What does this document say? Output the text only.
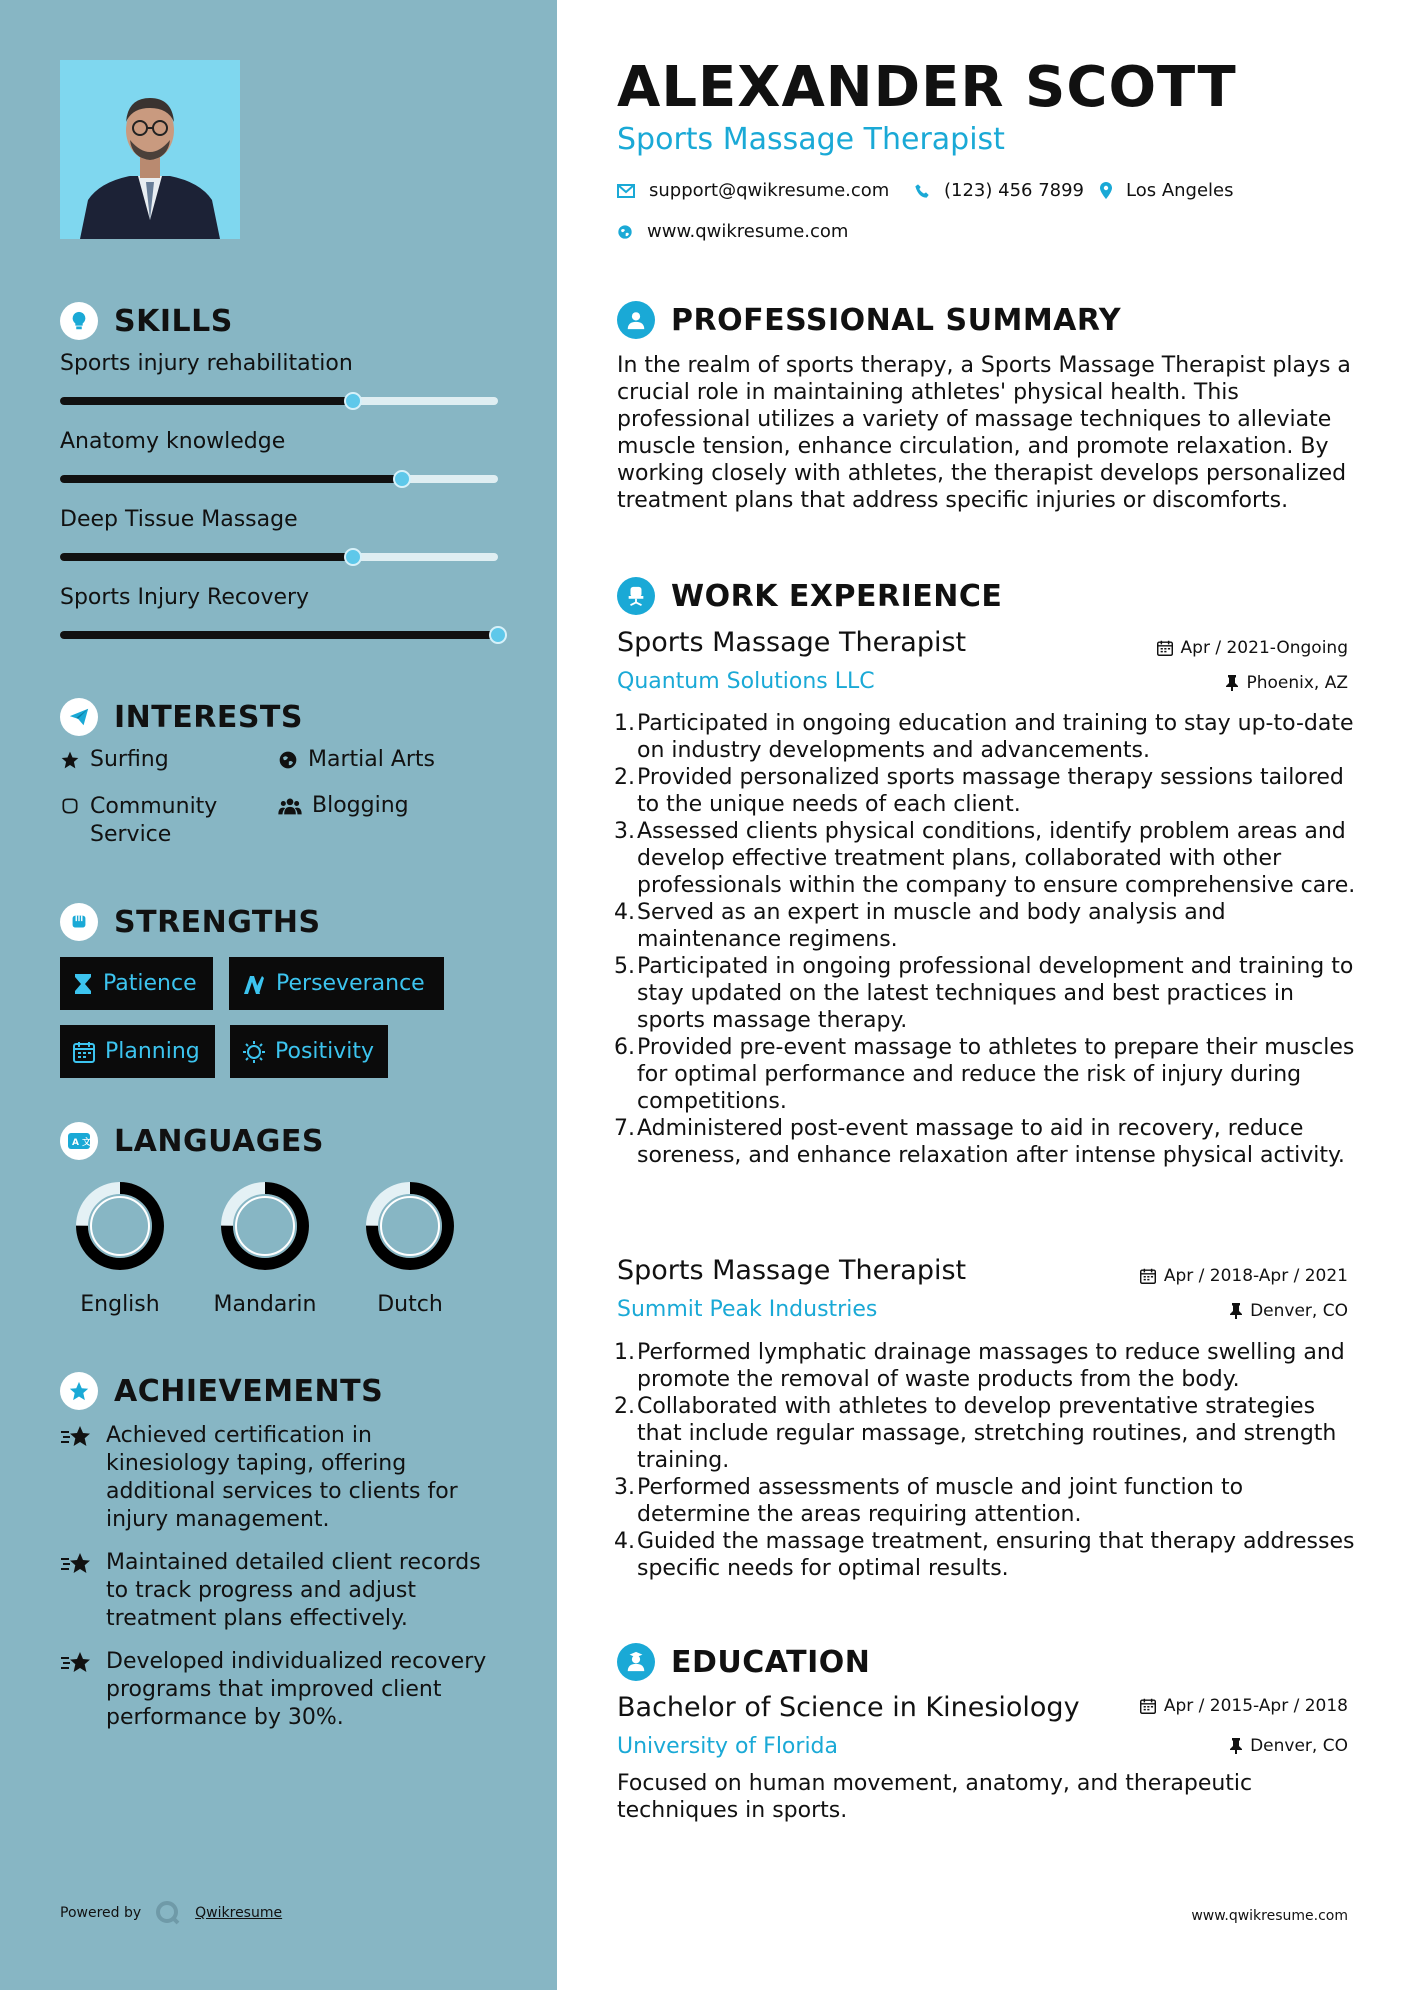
SKILLS
Sports injury rehabilitation
Anatomy knowledge
Deep Tissue Massage
Sports Injury Recovery
INTERESTS
Surfing	Martial Arts
Community Service
Blogging
STRENGTHS
Patience	Perseverance
Planning	Positivity
A 文 LANGUAGES
English	Mandarin	Dutch
ACHIEVEMENTS
Achieved certification in kinesiology taping, offering additional services to clients for injury management.
Maintained detailed client records to track progress and adjust treatment plans effectively.
Developed individualized recovery programs that improved client performance by 30%.
Powered by	Qwikresume
ALEXANDER SCOTT
Sports Massage Therapist
support@qwikresume.com	(123) 456 7899 Los Angeles
www.qwikresume.com
PROFESSIONAL SUMMARY
In the realm of sports therapy, a Sports Massage Therapist plays a crucial role in maintaining athletes' physical health. This professional utilizes a variety of massage techniques to alleviate muscle tension, enhance circulation, and promote relaxation. By working closely with athletes, the therapist develops personalized treatment plans that address specific injuries or discomforts.
WORK EXPERIENCE
Sports Massage Therapist	Apr / 2021-Ongoing
Quantum Solutions LLC	Phoenix, AZ
1. Participated in ongoing education and training to stay up-to-date on industry developments and advancements.
2. Provided personalized sports massage therapy sessions tailored to the unique needs of each client.
3. Assessed clients physical conditions, identify problem areas and develop effective treatment plans, collaborated with other professionals within the company to ensure comprehensive care.
4. Served as an expert in muscle and body analysis and maintenance regimens.
5. Participated in ongoing professional development and training to stay updated on the latest techniques and best practices in sports massage therapy.
6. Provided pre-event massage to athletes to prepare their muscles for optimal performance and reduce the risk of injury during competitions.
7. Administered post-event massage to aid in recovery, reduce soreness, and enhance relaxation after intense physical activity.
Sports Massage Therapist	Apr / 2018-Apr / 2021
Summit Peak Industries	Denver, CO
1. Performed lymphatic drainage massages to reduce swelling and promote the removal of waste products from the body.
2. Collaborated with athletes to develop preventative strategies that include regular massage, stretching routines, and strength training.
3. Performed assessments of muscle and joint function to determine the areas requiring attention.
4. Guided the massage treatment, ensuring that therapy addresses specific needs for optimal results.
EDUCATION
Bachelor of Science in Kinesiology	Apr / 2015-Apr / 2018
University of Florida	Denver, CO
Focused on human movement, anatomy, and therapeutic techniques in sports.
www.qwikresume.com
